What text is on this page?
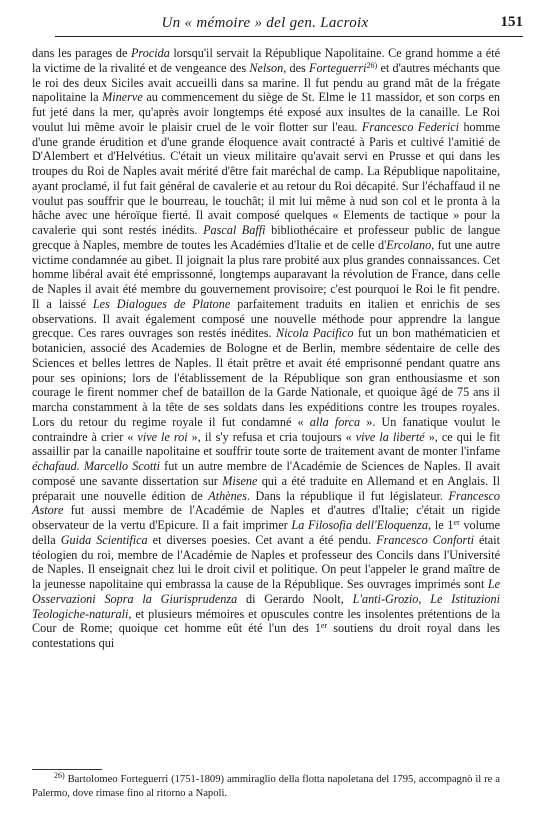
Un « mémoire » del gen. Lacroix	151

dans les parages de Procida lorsqu'il servait la République Napolitaine. Ce grand homme a été la victime de la rivalité et de vengeance des Nelson, des Forteguerri$^{26)}$ et d'autres méchants que le roi des deux Siciles avait accueilli dans sa marine. Il fut pendu au grand mât de la frégate napolitaine la Minerve au commencement du siège de St. Elme le 11 massidor, et son corps en fut jeté dans la mer, qu'après avoir longtemps été exposé aux insultes de la canaille. Le Roi voulut lui même avoir le plaisir cruel de le voir flotter sur l'eau. Francesco Federici homme d'une grande érudition et d'une grande éloquence avait contracté à Paris et cultivé l'amitié de D'Alembert et d'Helvétius. C'était un vieux militaire qu'avait servi en Prusse et qui dans les troupes du Roi de Naples avait mérité d'être fait maréchal de camp. La République napolitaine, ayant proclamé, il fut fait général de cavalerie et au retour du Roi décapité. Sur l'échaffaud il ne voulut pas souffrir que le bourreau, le touchât; il mit lui même à nud son col et le pronta à la hâche avec une héroïque fierté. Il avait composé quelques « Elements de tactique » pour la cavalerie qui sont restés inédits. Pascal Baffi bibliothécaire et professeur public de langue grecque à Naples, membre de toutes les Académies d'Italie et de celle d'Ercolano, fut une autre victime condamnée au gibet. Il joignait la plus rare probité aux plus grandes connaissances. Cet homme libéral avait été emprissonné, longtemps auparavant la révolution de France, dans celle de Naples il avait été membre du gouvernement provisoire; c'est pourquoi le Roi le fit pendre. Il a laissé Les Dialogues de Platone parfaitement traduits en italien et enrichis de ses observations. Il avait également composé une nouvelle méthode pour apprendre la langue grecque. Ces rares ouvrages son restés inédites. Nicola Pacifico fut un bon mathématicien et botanicien, associé des Academies de Bologne et de Berlin, membre sédentaire de celle des Sciences et belles lettres de Naples. Il était prêtre et avait été emprisonné pendant quatre ans pour ses opinions; lors de l'établissement de la République son gran enthousiasme et son courage le firent nommer chef de bataillon de la Garde Nationale, et quoique âgé de 75 ans il marcha constamment à la tête de ses soldats dans les expéditions contre les troupes royales. Lors du retour du regime royale il fut condamné « alla forca ». Un fanatique voulut le contraindre à crier « vive le roi », il s'y refusa et cria toujours « vive la liberté », ce qui le fit assaillir par la canaille napolitaine et souffrir toute sorte de traitement avant de monter l'infame échafaud. Marcello Scotti fut un autre membre de l'Académie de Sciences de Naples. Il avait composé une savante dissertation sur Misene qui a été traduite en Allemand et en Anglais. Il préparait une nouvelle édition de Athènes. Dans la république il fut législateur. Francesco Astore fut aussi membre de l'Académie de Naples et d'autres d'Italie; c'était un rigide observateur de la vertu d'Epicure. Il a fait imprimer La Filosofia dell'Eloquenza, le 1er volume della Guida Scientifica et diverses poesies. Cet avant a été pendu. Francesco Conforti était téologien du roi, membre de l'Académie de Naples et professeur des Concils dans l'Université de Naples. Il enseignait chez lui le droit civil et politique. On peut l'appeler le grand maître de la jeunesse napolitaine qui embrassa la cause de la République. Ses ouvrages imprimés sont Le Osservazioni Sopra la Giurisprudenza di Gerardo Noolt, L'anti-Grozio, Le Istituzioni Teologiche-naturali, et plusieurs mémoires et opuscules contre les insolentes prétentions de la Cour de Rome; quoique cet homme eût été l'un des 1er soutiens du droit royal dans les contestations qui

$^{26)}$ Bartolomeo Forteguerri (1751-1809) ammiraglio della flotta napoletana del 1795, accompagnò il re a Palermo, dove rimase fino al ritorno a Napoli.
